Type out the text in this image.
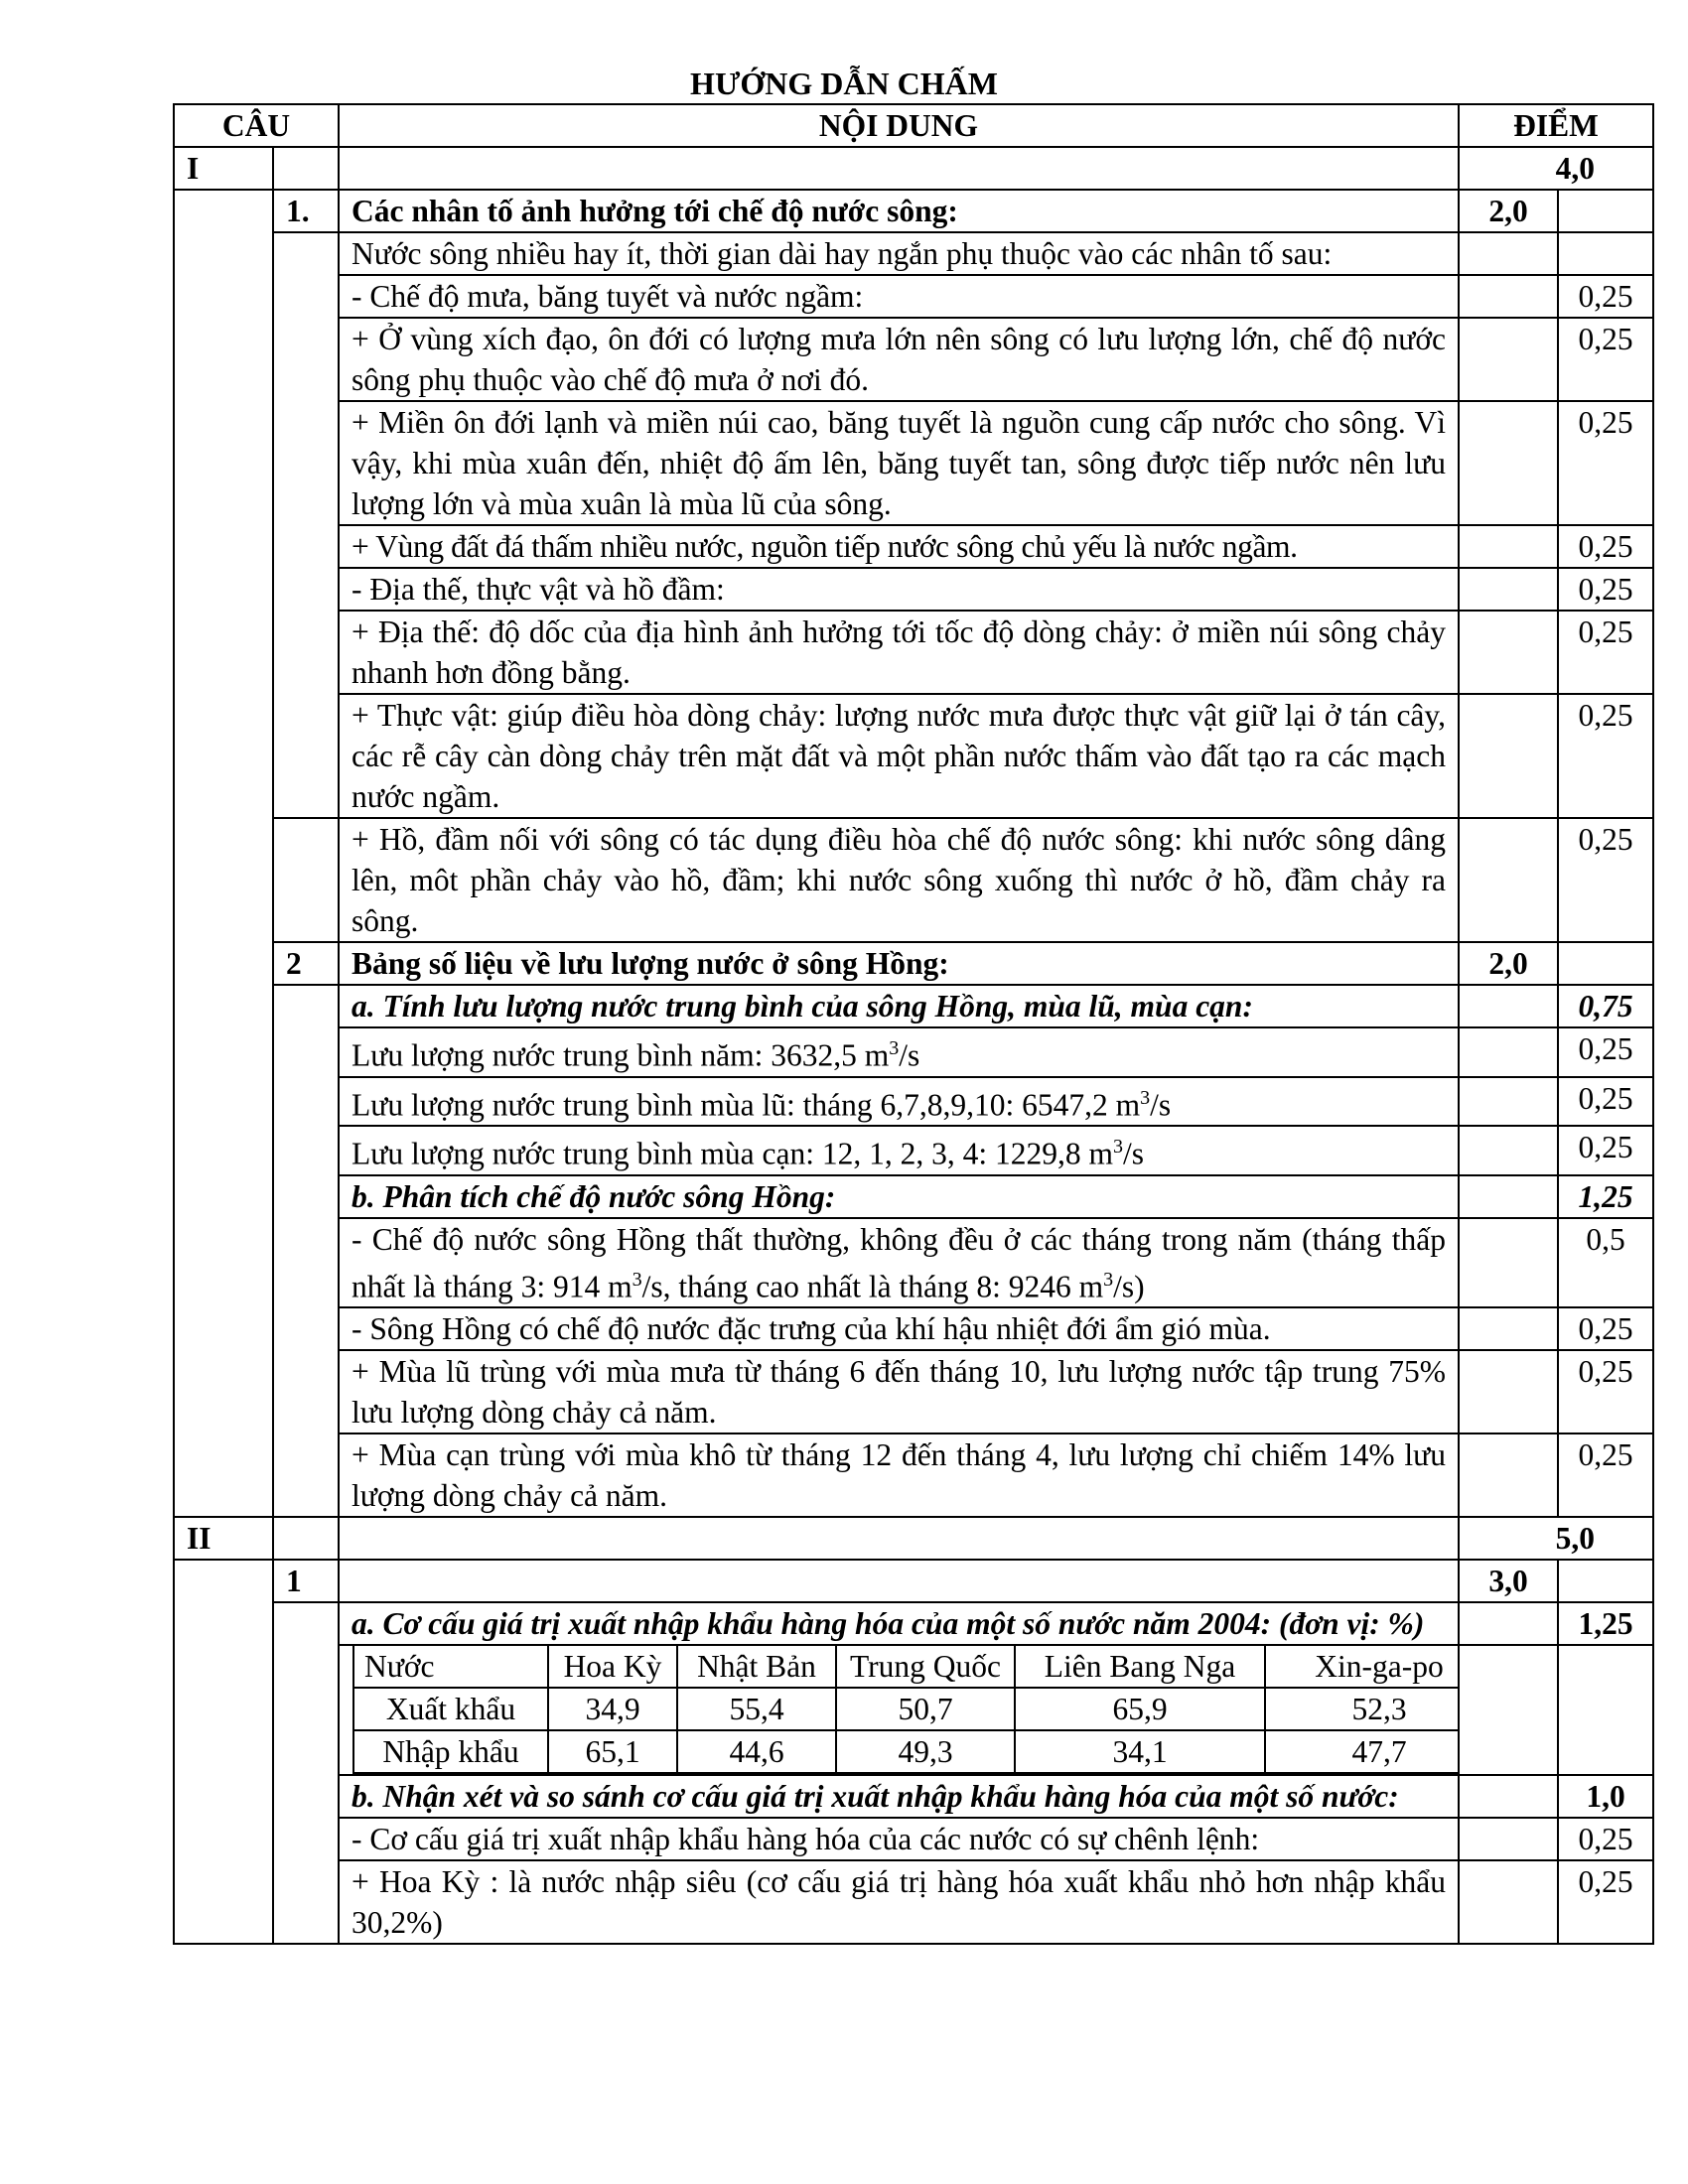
HƯỚNG DẪN CHẤM
CÂU		NỘI DUNG	ĐIỂM	
I			4,0	
	1.	Các nhân tố ảnh hưởng tới chế độ nước sông:	2,0	
		Nước sông nhiều hay ít, thời gian dài hay ngắn phụ thuộc vào các nhân tố sau:		
		- Chế độ mưa, băng tuyết và nước ngầm:		0,25
		+ Ở vùng xích đạo, ôn đới có lượng mưa lớn nên sông có lưu lượng lớn, chế độ nước sông phụ thuộc vào chế độ mưa ở nơi đó.		0,25
		+ Miền ôn đới lạnh và miền núi cao, băng tuyết là nguồn cung cấp nước cho sông. Vì vậy, khi mùa xuân đến, nhiệt độ ấm lên, băng tuyết tan, sông được tiếp nước nên lưu lượng lớn và mùa xuân là mùa lũ của sông.		0,25
		+ Vùng đất đá thấm nhiều nước, nguồn tiếp nước sông chủ yếu là nước ngầm.		0,25
		- Địa thế, thực vật và hồ đầm:		0,25
		+ Địa thế: độ dốc của địa hình ảnh hưởng tới tốc độ dòng chảy: ở miền núi sông chảy nhanh hơn đồng bằng.		0,25
		+ Thực vật: giúp điều hòa dòng chảy: lượng nước mưa được thực vật giữ lại ở tán cây, các rễ cây càn dòng chảy trên mặt đất và một phần nước thấm vào đất tạo ra các mạch nước ngầm.		0,25
		+ Hồ, đầm nối với sông có tác dụng điều hòa chế độ nước sông: khi nước sông dâng lên, môt phần chảy vào hồ, đầm; khi nước sông xuống thì nước ở hồ, đầm chảy ra sông.		0,25
	2	Bảng số liệu về lưu lượng nước ở sông Hồng:	2,0	
		a. Tính lưu lượng nước trung bình của sông Hồng, mùa lũ, mùa cạn:		0,75
		Lưu lượng nước trung bình năm: 3632,5 $m^3/s$		0,25
		Lưu lượng nước trung bình mùa lũ: tháng 6,7,8,9,10: 6547,2 $m^3/s$		0,25
		Lưu lượng nước trung bình mùa cạn: 12, 1, 2, 3, 4: 1229,8 $m^3/s$		0,25
		b. Phân tích chế độ nước sông Hồng:		1,25
		- Chế độ nước sông Hồng thất thường, không đều ở các tháng trong năm (tháng thấp nhất là tháng 3: 914 $m^3/s$, tháng cao nhất là tháng 8: 9246 $m^3/s$)		0,5
		- Sông Hồng có chế độ nước đặc trưng của khí hậu nhiệt đới ẩm gió mùa.		0,25
		+ Mùa lũ trùng với mùa mưa từ tháng 6 đến tháng 10, lưu lượng nước tập trung 75% lưu lượng dòng chảy cả năm.		0,25
		+ Mùa cạn trùng với mùa khô từ tháng 12 đến tháng 4, lưu lượng chỉ chiếm 14% lưu lượng dòng chảy cả năm.		0,25
II			5,0
	1		3,0	
	a. Cơ cấu giá trị xuất nhập khẩu hàng hóa của một số nước năm 2004: (đơn vị: %)		1,25

Nước	Hoa Kỳ	Nhật Bản	Trung Quốc	Liên Bang Nga	Xin-ga-po	
Xuất khẩu	34,9	55,4	50,7	65,9	52,3	
Nhập khẩu	65,1	44,6	49,3	34,1	47,7	

b. Nhận xét và so sánh cơ cấu giá trị xuất nhập khẩu hàng hóa của một số nước:		1,0
- Cơ cấu giá trị xuất nhập khẩu hàng hóa của các nước có sự chênh lệnh:		0,25
+ Hoa Kỳ : là nước nhập siêu (cơ cấu giá trị hàng hóa xuất khẩu nhỏ hơn nhập khẩu 30,2%)		0,25
